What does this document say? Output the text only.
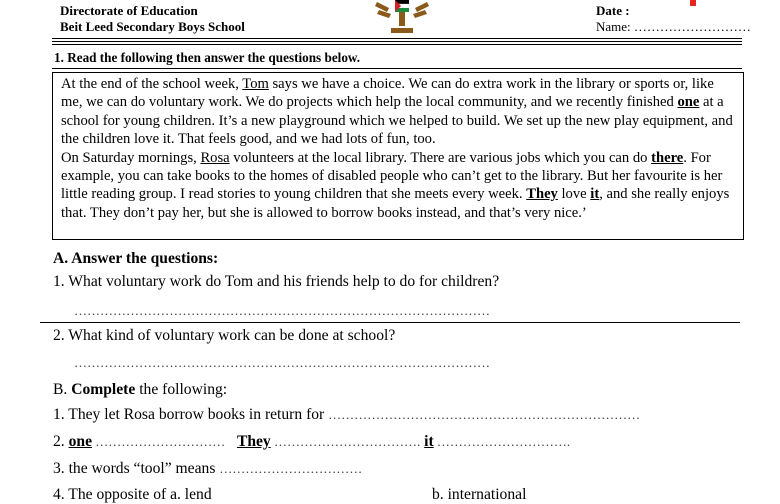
Directorate of Education
Beit Leed Secondary Boys School
Date :
Name: ………………………
1. Read the following then answer the questions below.
At the end of the school week, Tom says we have a choice. We can do extra work in the library or sports or, like me, we can do voluntary work. We do projects which help the local community, and we recently finished one at a school for young children. It’s a new playground which we helped to build. We set up the new play equipment, and the children love it. That feels good, and we had lots of fun, too.
On Saturday mornings, Rosa volunteers at the local library. There are various jobs which you can do there. For example, you can take books to the homes of disabled people who can’t get to the library. But her favourite is her little reading group. I read stories to young children that she meets every week. They love it, and she really enjoys that. They don’t pay her, but she is allowed to borrow books instead, and that’s very nice.’
A. Answer the questions:
1. What voluntary work do Tom and his friends help to do for children?
……………………………………………………………………………………
2. What kind of voluntary work can be done at school?
……………………………………………………………………………………
B. Complete the following:
1. They let Rosa borrow books in return for ………………………………………………………………
2. one ………………………… They ……………………………. it ………………………….
3. the words “tool” means ……………………………
4. The opposite of a. lend	b. international
